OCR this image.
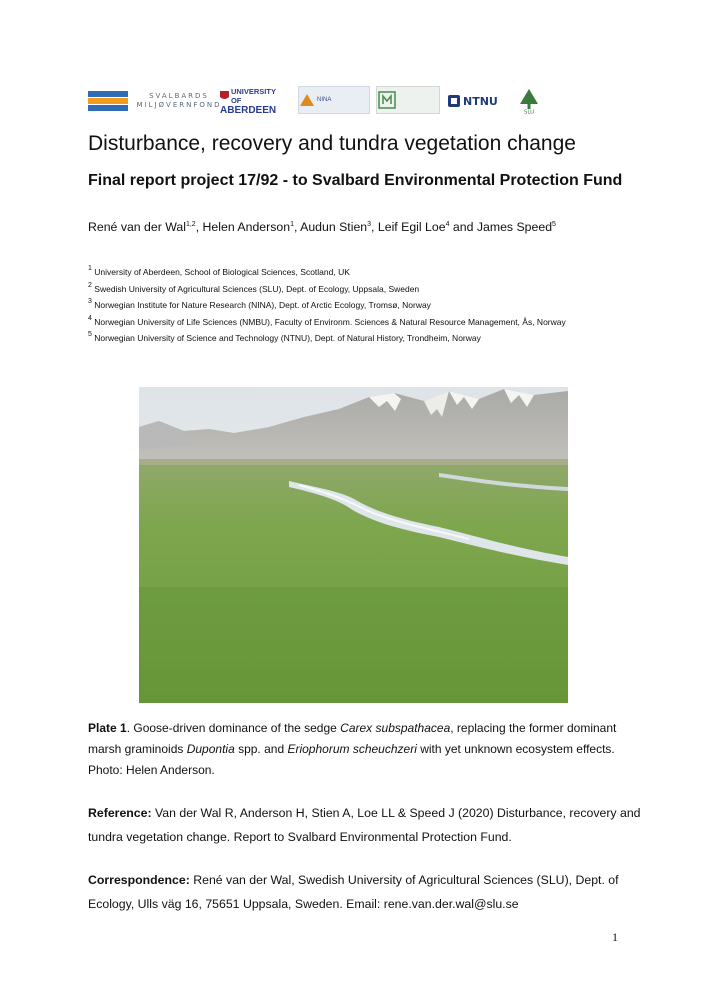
SVALBARDS
MILJØVERNFOND
UNIVERSITY OF
ABERDEEN
NINA	NTNU
SLU
Disturbance, recovery and tundra vegetation change
Final report project 17/92 - to Svalbard Environmental Protection Fund

René van der Wal$^{1,2}$, Helen Anderson$^1$, Audun Stien$^3$, Leif Egil Loe$^4$ and James Speed$^5$

$^1$ University of Aberdeen, School of Biological Sciences, Scotland, UK
$^2$ Swedish University of Agricultural Sciences (SLU), Dept. of Ecology, Uppsala, Sweden
$^3$ Norwegian Institute for Nature Research (NINA), Dept. of Arctic Ecology, Tromsø, Norway
$^4$ Norwegian University of Life Sciences (NMBU), Faculty of Environm. Sciences & Natural Resource Management, Ås, Norway
$^5$ Norwegian University of Science and Technology (NTNU), Dept. of Natural History, Trondheim, Norway

Plate 1. Goose-driven dominance of the sedge Carex subspathacea, replacing the former dominant marsh graminoids Dupontia spp. and Eriophorum scheuchzeri with yet unknown ecosystem effects. Photo: Helen Anderson.

Reference: Van der Wal R, Anderson H, Stien A, Loe LL & Speed J (2020) Disturbance, recovery and tundra vegetation change. Report to Svalbard Environmental Protection Fund.

Correspondence: René van der Wal, Swedish University of Agricultural Sciences (SLU), Dept. of Ecology, Ulls väg 16, 75651 Uppsala, Sweden. Email: rene.van.der.wal@slu.se

1
